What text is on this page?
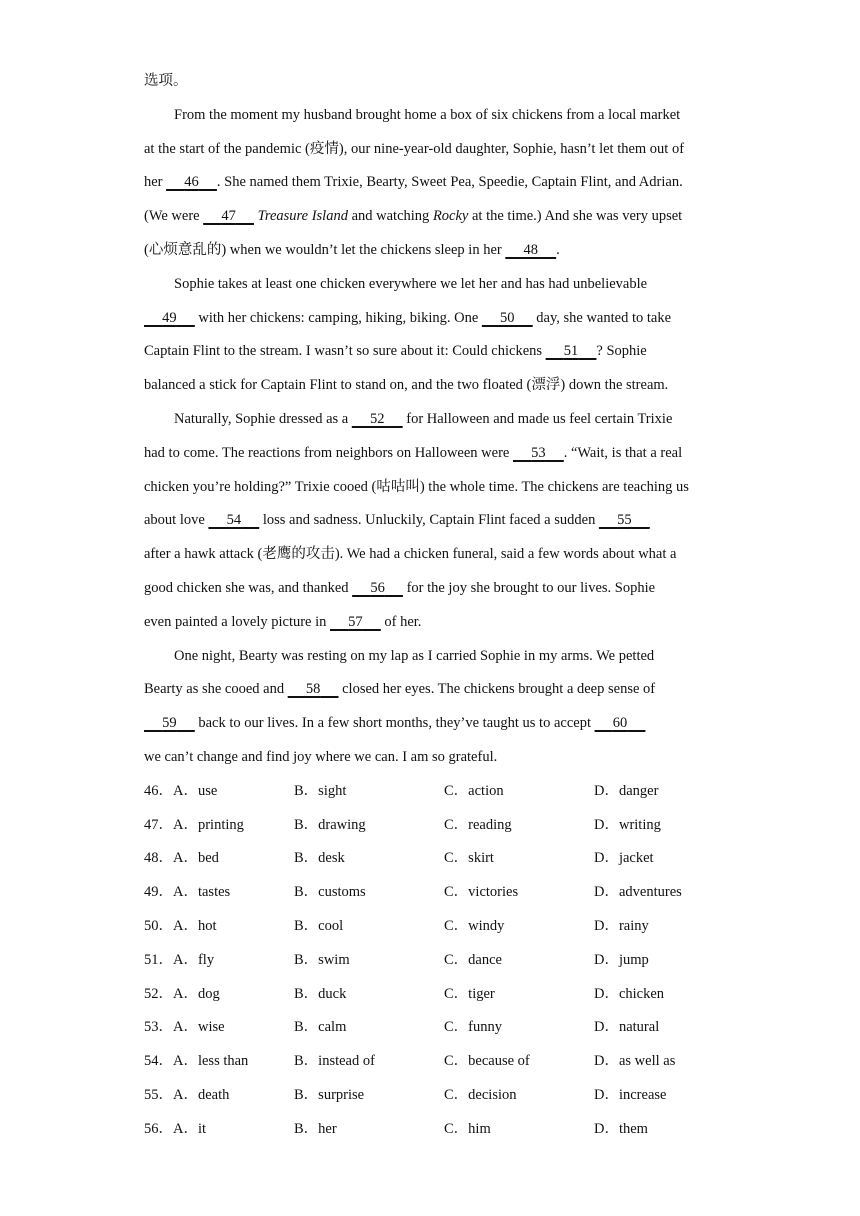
选项。
From the moment my husband brought home a box of six chickens from a local market
at the start of the pandemic (疫情), our nine-year-old daughter, Sophie, hasn’t let them out of
her 46 . She named them Trixie, Bearty, Sweet Pea, Speedie, Captain Flint, and Adrian.
(We were 47 Treasure Island and watching Rocky at the time.) And she was very upset
(心烦意乱的) when we wouldn’t let the chickens sleep in her 48 .
Sophie takes at least one chicken everywhere we let her and has had unbelievable
49 with her chickens: camping, hiking, biking. One 50 day, she wanted to take
Captain Flint to the stream. I wasn’t so sure about it: Could chickens 51 ? Sophie
balanced a stick for Captain Flint to stand on, and the two floated (漂浮) down the stream.
Naturally, Sophie dressed as a 52 for Halloween and made us feel certain Trixie
had to come. The reactions from neighbors on Halloween were 53 . “Wait, is that a real
chicken you’re holding?” Trixie cooed (咕咕叫) the whole time. The chickens are teaching us
about love 54 loss and sadness. Unluckily, Captain Flint faced a sudden 55
after a hawk attack (老鹰的攻击). We had a chicken funeral, said a few words about what a
good chicken she was, and thanked 56 for the joy she brought to our lives. Sophie
even painted a lovely picture in 57 of her.
One night, Bearty was resting on my lap as I carried Sophie in my arms. We petted
Bearty as she cooed and 58 closed her eyes. The chickens brought a deep sense of
59 back to our lives. In a few short months, they’ve taught us to accept 60
we can’t change and find joy where we can. I am so grateful.
46．A．use	B．sight	C．action	D．danger
47．A．printing	B．drawing	C．reading	D．writing
48．A．bed	B．desk	C．skirt	D．jacket
49．A．tastes	B．customs	C．victories	D．adventures
50．A．hot	B．cool	C．windy	D．rainy
51．A．fly	B．swim	C．dance	D．jump
52．A．dog	B．duck	C．tiger	D．chicken
53．A．wise	B．calm	C．funny	D．natural
54．A．less than	B．instead of	C．because of	D．as well as
55．A．death	B．surprise	C．decision	D．increase
56．A．it	B．her	C．him	D．them
